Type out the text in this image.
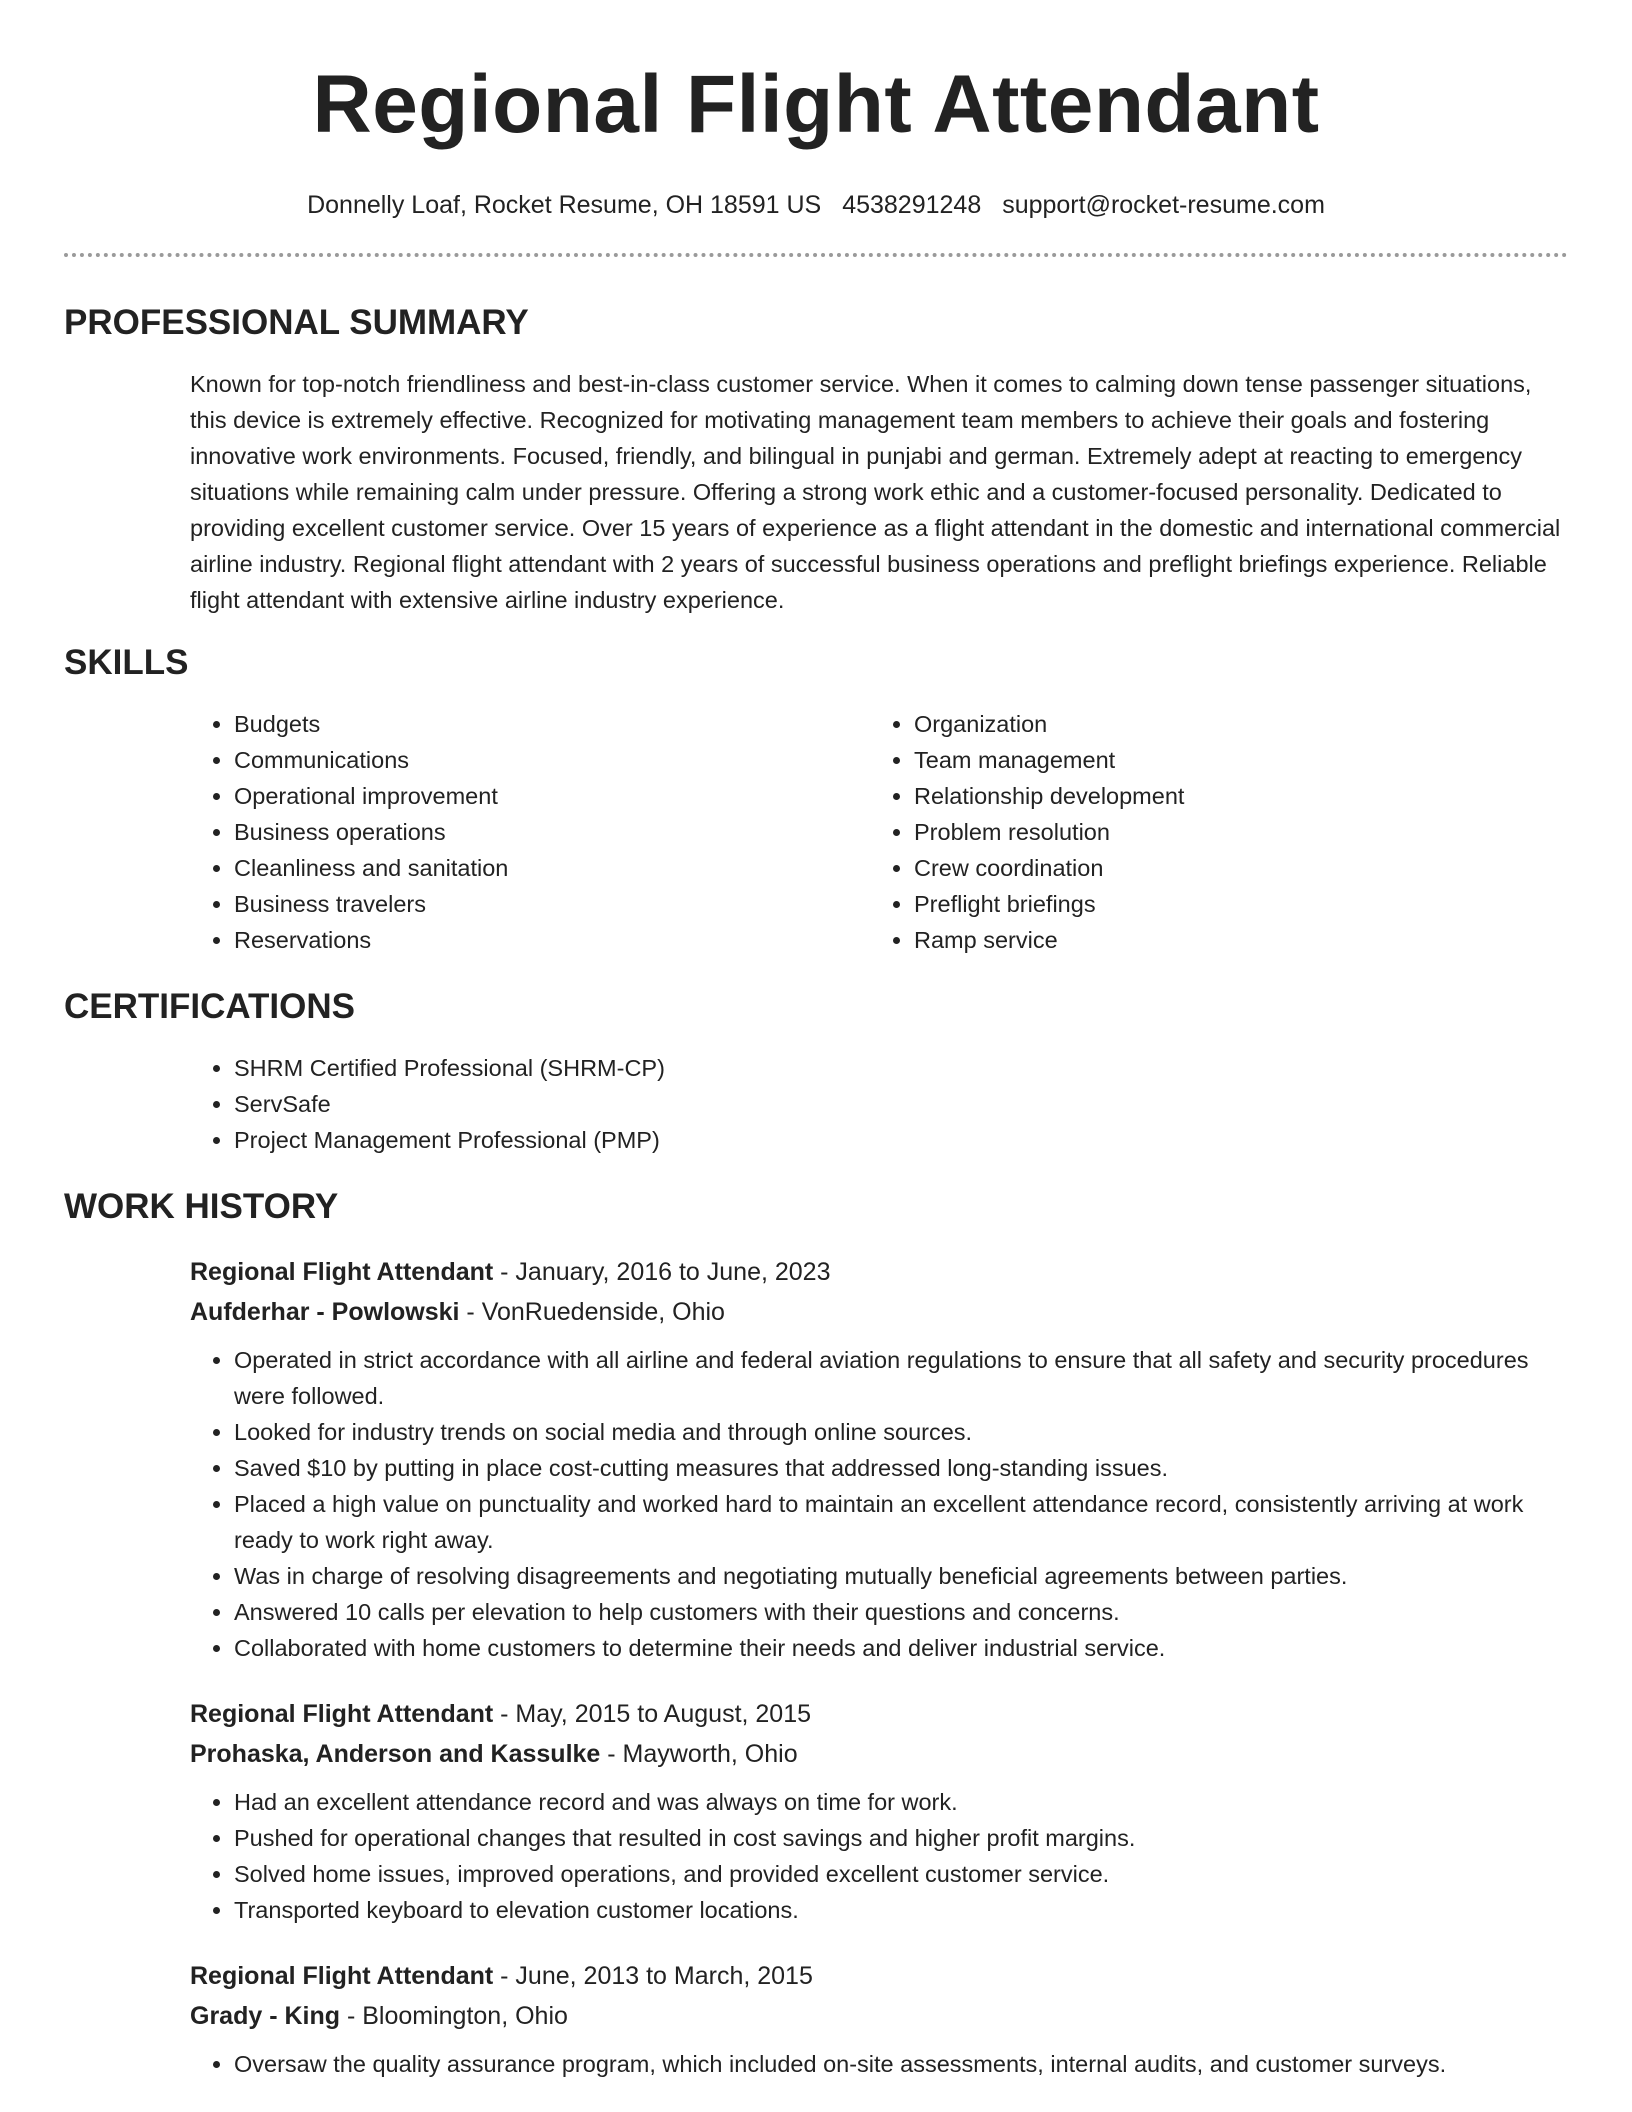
Regional Flight Attendant
Donnelly Loaf, Rocket Resume, OH 18591 US 4538291248 support@rocket-resume.com
PROFESSIONAL SUMMARY
Known for top-notch friendliness and best-in-class customer service. When it comes to calming down tense passenger situations, this device is extremely effective. Recognized for motivating management team members to achieve their goals and fostering innovative work environments. Focused, friendly, and bilingual in punjabi and german. Extremely adept at reacting to emergency situations while remaining calm under pressure. Offering a strong work ethic and a customer-focused personality. Dedicated to providing excellent customer service. Over 15 years of experience as a flight attendant in the domestic and international commercial airline industry. Regional flight attendant with 2 years of successful business operations and preflight briefings experience. Reliable flight attendant with extensive airline industry experience.
SKILLS
• Budgets
• Communications
• Operational improvement
• Business operations
• Cleanliness and sanitation
• Business travelers
• Reservations
• Organization
• Team management
• Relationship development
• Problem resolution
• Crew coordination
• Preflight briefings
• Ramp service
CERTIFICATIONS
• SHRM Certified Professional (SHRM-CP)
• ServSafe
• Project Management Professional (PMP)
WORK HISTORY
Regional Flight Attendant - January, 2016 to June, 2023
Aufderhar - Powlowski - VonRuedenside, Ohio
• Operated in strict accordance with all airline and federal aviation regulations to ensure that all safety and security procedures were followed.
• Looked for industry trends on social media and through online sources.
• Saved $10 by putting in place cost-cutting measures that addressed long-standing issues.
• Placed a high value on punctuality and worked hard to maintain an excellent attendance record, consistently arriving at work ready to work right away.
• Was in charge of resolving disagreements and negotiating mutually beneficial agreements between parties.
• Answered 10 calls per elevation to help customers with their questions and concerns.
• Collaborated with home customers to determine their needs and deliver industrial service.
Regional Flight Attendant - May, 2015 to August, 2015
Prohaska, Anderson and Kassulke - Mayworth, Ohio
• Had an excellent attendance record and was always on time for work.
• Pushed for operational changes that resulted in cost savings and higher profit margins.
• Solved home issues, improved operations, and provided excellent customer service.
• Transported keyboard to elevation customer locations.
Regional Flight Attendant - June, 2013 to March, 2015
Grady - King - Bloomington, Ohio
• Oversaw the quality assurance program, which included on-site assessments, internal audits, and customer surveys.
